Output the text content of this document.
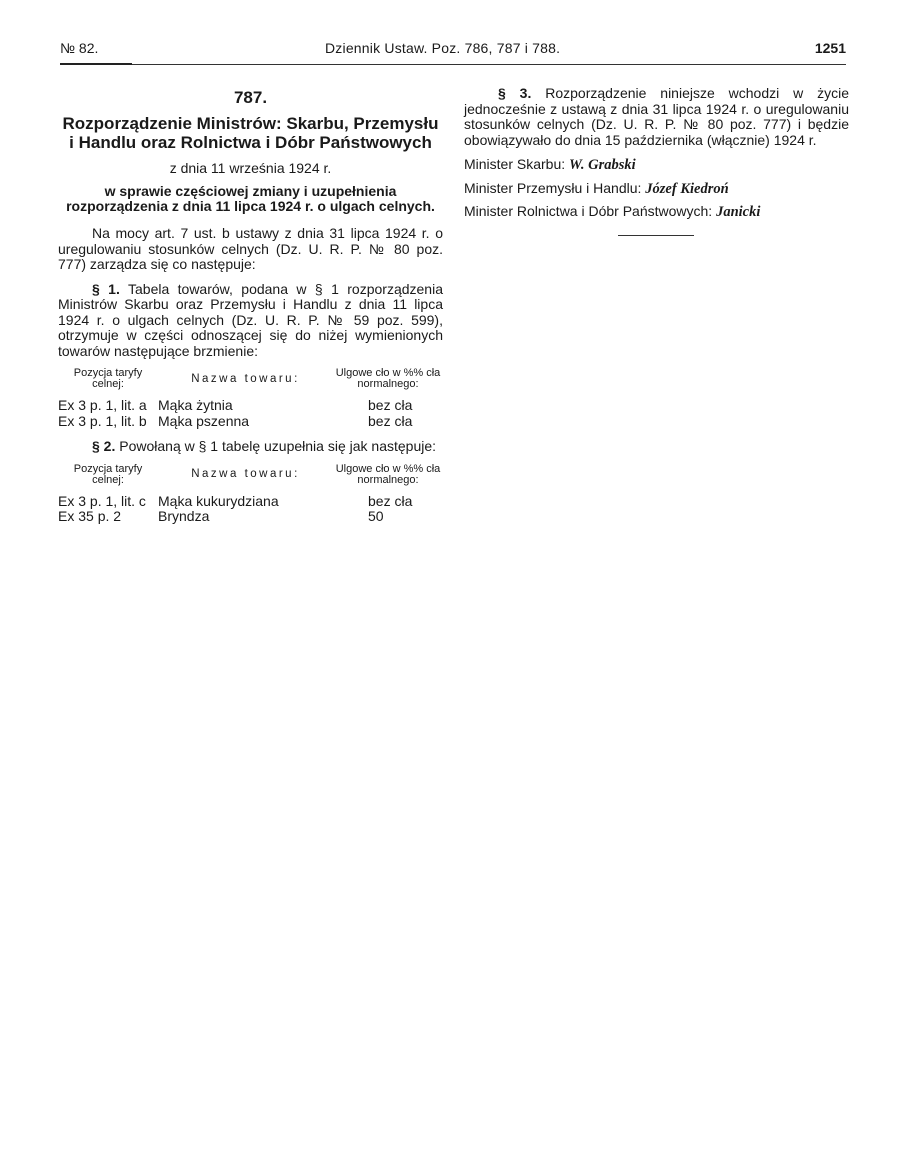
№ 82.	Dziennik Ustaw. Poz. 786, 787 i 788.	1251
787.
Rozporządzenie Ministrów: Skarbu, Przemysłu i Handlu oraz Rolnictwa i Dóbr Państwowych
z dnia 11 września 1924 r.
w sprawie częściowej zmiany i uzupełnienia rozporządzenia z dnia 11 lipca 1924 r. o ulgach celnych.

Na mocy art. 7 ust. b ustawy z dnia 31 lipca 1924 r. o uregulowaniu stosunków celnych (Dz. U. R. P. № 80 poz. 777) zarządza się co następuje:

§ 1. Tabela towarów, podana w § 1 rozporządzenia Ministrów Skarbu oraz Przemysłu i Handlu z dnia 11 lipca 1924 r. o ulgach celnych (Dz. U. R. P. № 59 poz. 599), otrzymuje w części odnoszącej się do niżej wymienionych towarów następujące brzmienie:

Pozycja taryfy celnej:	Nazwa towaru:	Ulgowe cło w %% cła normalnego:
Ex 3 p. 1, lit. a	Mąka żytnia	bez cła
Ex 3 p. 1, lit. b	Mąka pszenna	bez cła

§ 2. Powołaną w § 1 tabelę uzupełnia się jak następuje:

Pozycja taryfy celnej:	Nazwa towaru:	Ulgowe cło w %% cła normalnego:
Ex 3 p. 1, lit. c	Mąka kukurydziana	bez cła
Ex 35 p. 2	Bryndza	50

§ 3. Rozporządzenie niniejsze wchodzi w życie jednocześnie z ustawą z dnia 31 lipca 1924 r. o uregulowaniu stosunków celnych (Dz. U. R. P. № 80 poz. 777) i będzie obowiązywało do dnia 15 października (włącznie) 1924 r.

Minister Skarbu: W. Grabski
Minister Przemysłu i Handlu: Józef Kiedroń
Minister Rolnictwa i Dóbr Państwowych: Janicki
